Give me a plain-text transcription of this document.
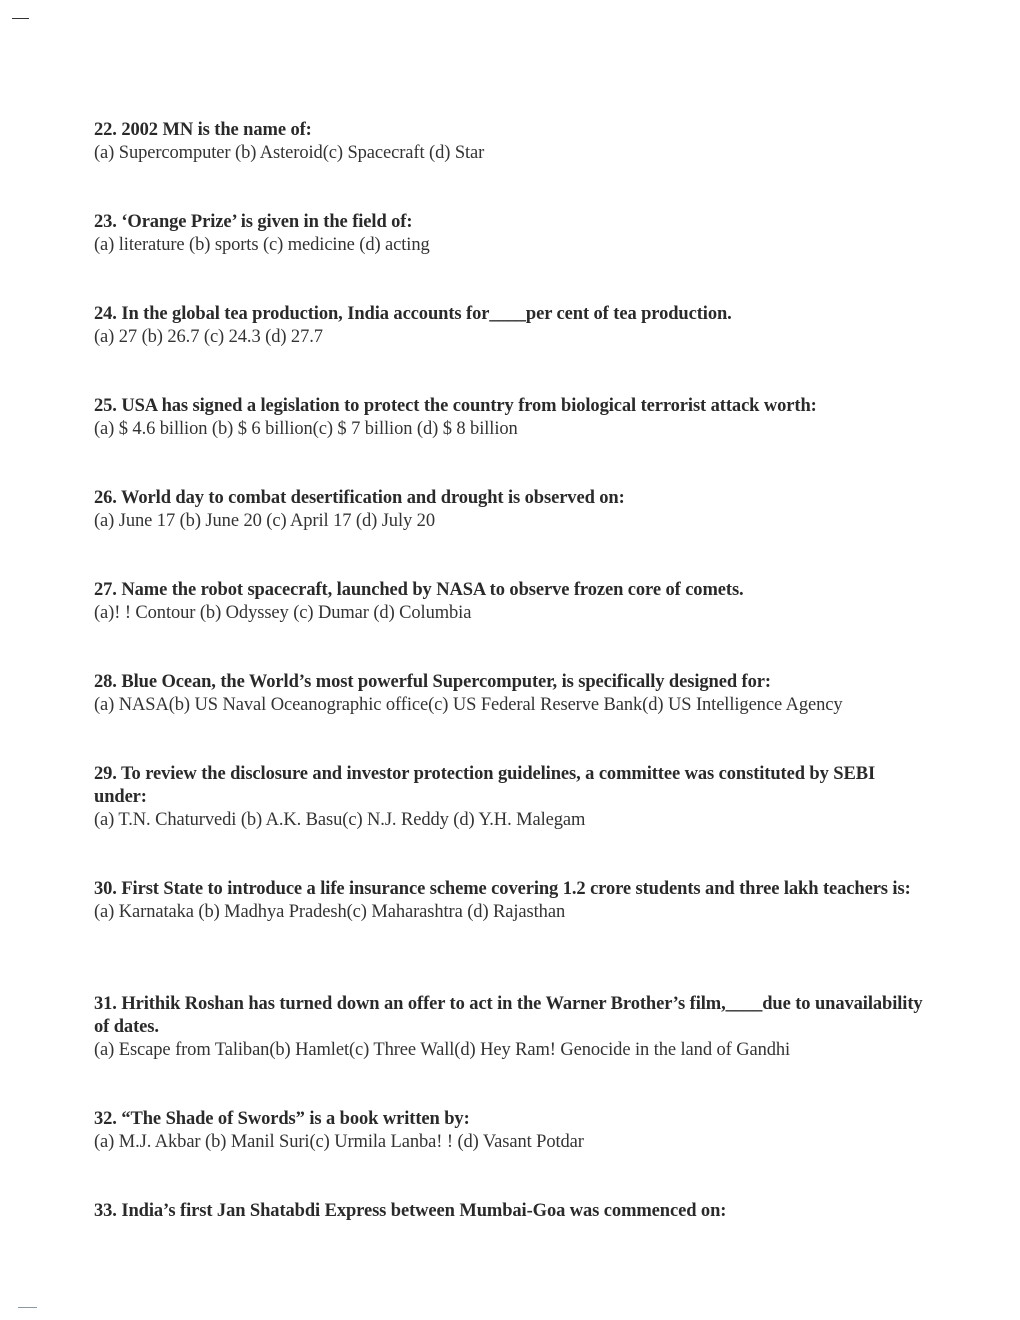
22. 2002 MN is the name of:
(a) Supercomputer (b) Asteroid(c) Spacecraft (d) Star
23. ‘Orange Prize’ is given in the field of:
(a) literature (b) sports (c) medicine (d) acting
24. In the global tea production, India accounts for____per cent of tea production.
(a) 27 (b) 26.7 (c) 24.3 (d) 27.7
25. USA has signed a legislation to protect the country from biological terrorist attack worth:
(a) $ 4.6 billion (b) $ 6 billion(c) $ 7 billion (d) $ 8 billion
26. World day to combat desertification and drought is observed on:
(a) June 17 (b) June 20 (c) April 17 (d) July 20
27. Name the robot spacecraft, launched by NASA to observe frozen core of comets.
(a)! ! Contour (b) Odyssey (c) Dumar (d) Columbia
28. Blue Ocean, the World’s most powerful Supercomputer, is specifically designed for:
(a) NASA(b) US Naval Oceanographic office(c) US Federal Reserve Bank(d) US Intelligence Agency
29. To review the disclosure and investor protection guidelines, a committee was constituted by SEBI under:
(a) T.N. Chaturvedi (b) A.K. Basu(c) N.J. Reddy (d) Y.H. Malegam
30. First State to introduce a life insurance scheme covering 1.2 crore students and three lakh teachers is:
(a) Karnataka (b) Madhya Pradesh(c) Maharashtra (d) Rajasthan
31. Hrithik Roshan has turned down an offer to act in the Warner Brother’s film,____due to unavailability of dates.
(a) Escape from Taliban(b) Hamlet(c) Three Wall(d) Hey Ram! Genocide in the land of Gandhi
32. “The Shade of Swords” is a book written by:
(a) M.J. Akbar (b) Manil Suri(c) Urmila Lanba! ! (d) Vasant Potdar
33. India’s first Jan Shatabdi Express between Mumbai-Goa was commenced on:
